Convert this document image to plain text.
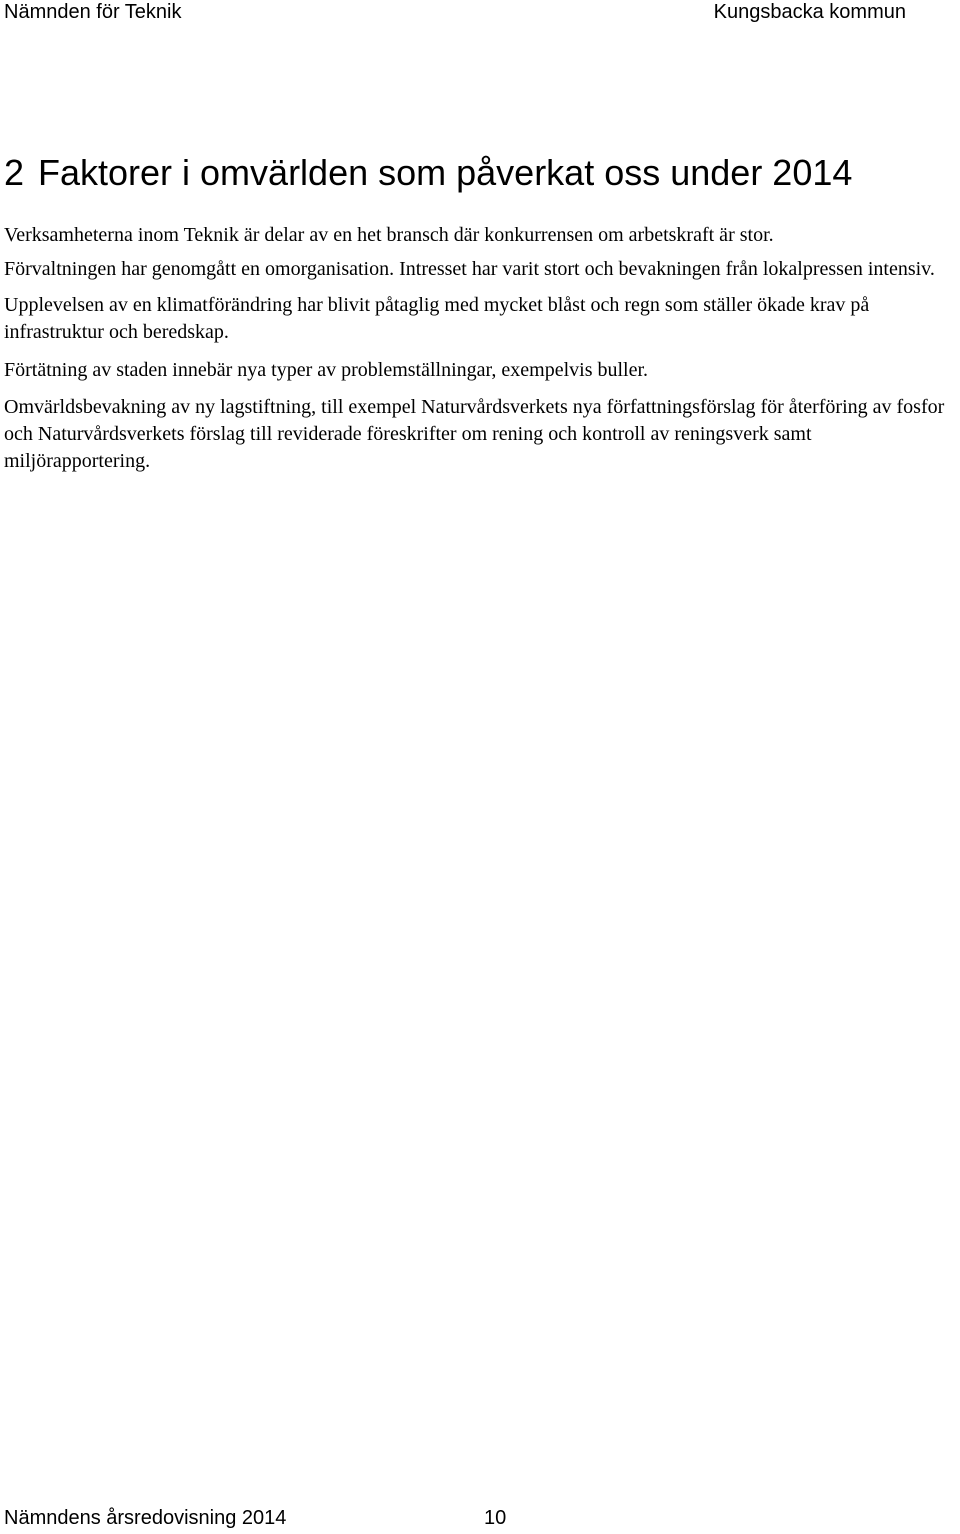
Nämnden för Teknik	Kungsbacka kommun
2 Faktorer i omvärlden som påverkat oss under 2014

Verksamheterna inom Teknik är delar av en het bransch där konkurrensen om arbetskraft är stor.

Förvaltningen har genomgått en omorganisation. Intresset har varit stort och bevakningen från lokalpressen intensiv.

Upplevelsen av en klimatförändring har blivit påtaglig med mycket blåst och regn som ställer ökade krav på infrastruktur och beredskap.

Förtätning av staden innebär nya typer av problemställningar, exempelvis buller.

Omvärldsbevakning av ny lagstiftning, till exempel Naturvårdsverkets nya författningsförslag för återföring av fosfor och Naturvårdsverkets förslag till reviderade föreskrifter om rening och kontroll av reningsverk samt miljörapportering.

Nämndens årsredovisning 2014	10
